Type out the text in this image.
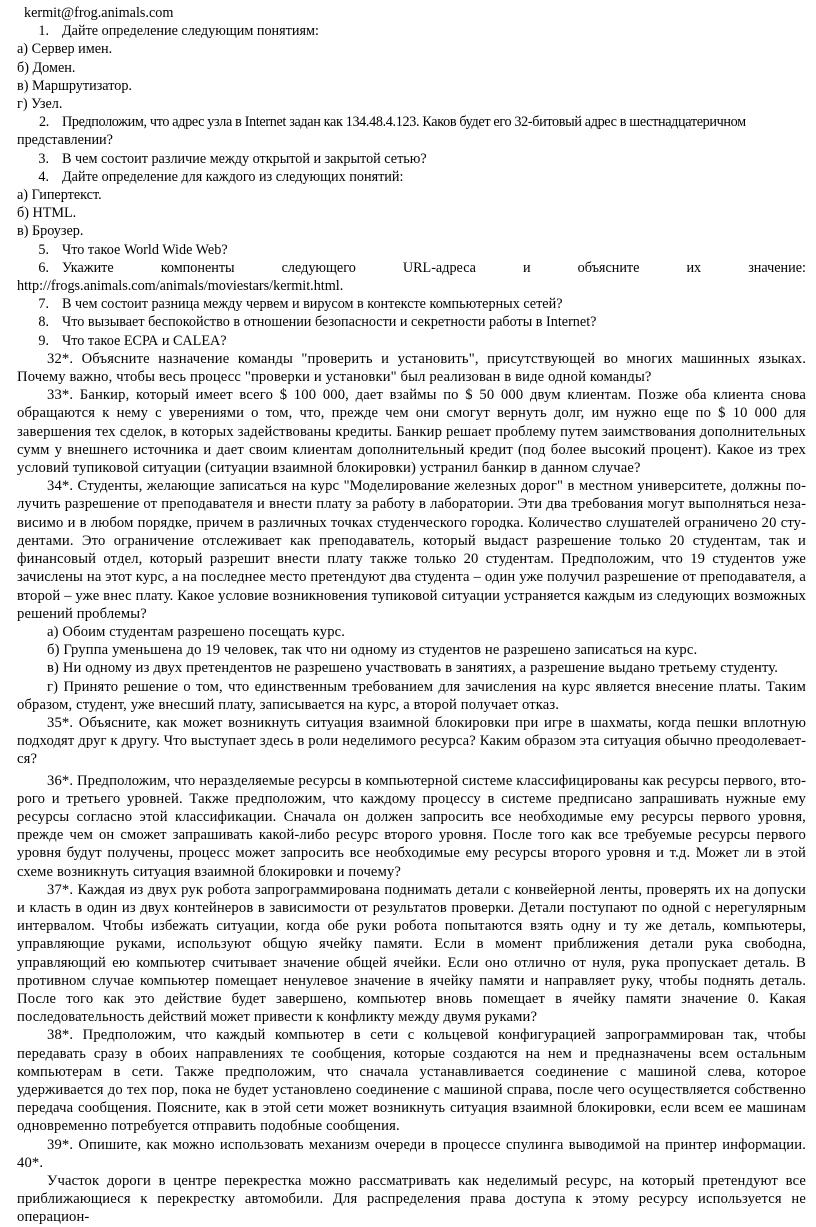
kermit@frog.animals.com
1. Дайте определение следующим понятиям:
а) Сервер имен.
б) Домен.
в) Маршрутизатор.
г) Узел.
2. Предположим, что адрес узла в Internet задан как 134.48.4.123. Каков будет его 32-битовый адрес в шестнадцатеричном
представлении?
3. В чем состоит различие между открытой и закрытой сетью?
4. Дайте определение для каждого из следующих понятий:
а) Гипертекст.
б) HTML.
в) Броузер.
5. Что такое World Wide Web?
6. Укажите	компоненты	следующего	URL-адреса	и	объясните	их	значение:
http://frogs.animals.com/animals/moviestars/kermit.html.
7. В чем состоит разница между червем и вирусом в контексте компьютерных сетей?
8. Что вызывает беспокойство в отношении безопасности и секретности работы в Internet?
9. Что такое ЕСРА и CALEA?
32*. Объясните назначение команды "проверить и установить", присутствующей во многих машинных языках. Почему важно, чтобы весь процесс "проверки и установки" был реализован в виде одной команды?
33*. Банкир, который имеет всего $ 100 000, дает взаймы по $ 50 000 двум клиентам. Позже оба клиента снова обращаются к нему с уверениями о том, что, прежде чем они смогут вернуть долг, им нужно еще по $ 10 000 для завершения тех сделок, в которых задействованы кредиты. Банкир решает проблему путем заимствования дополнительных сумм у внешнего источника и дает своим клиентам дополнительный кредит (под более высокий процент). Какое из трех условий тупиковой ситуации (ситуации взаимной блокировки) устранил банкир в данном случае?
34*. Студенты, желающие записаться на курс "Моделирование железных дорог" в местном университете, должны получить разрешение от преподавателя и внести плату за работу в лаборатории. Эти два требования могут выполняться независимо и в любом порядке, причем в различных точках студенческого городка. Количество слушателей ограничено 20 студентами. Это ограничение отслеживает как преподаватель, который выдаст разрешение только 20 студентам, так и финансовый отдел, который разрешит внести плату также только 20 студентам. Предположим, что 19 студентов уже зачислены на этот курс, а на последнее место претендуют два студента – один уже получил разрешение от преподавателя, а второй – уже внес плату. Какое условие возникновения тупиковой ситуации устраняется каждым из следующих возможных решений проблемы?
а) Обоим студентам разрешено посещать курс.
б) Группа уменьшена до 19 человек, так что ни одному из студентов не разрешено записаться на курс.
в) Ни одному из двух претендентов не разрешено участвовать в занятиях, а разрешение выдано третьему студенту.
г) Принято решение о том, что единственным требованием для зачисления на курс является внесение платы. Таким образом, студент, уже внесший плату, записывается на курс, а второй получает отказ.
35*. Объясните, как может возникнуть ситуация взаимной блокировки при игре в шахматы, когда пешки вплотную подходят друг к другу. Что выступает здесь в роли неделимого ресурса? Каким образом эта ситуация обычно преодолевается?
36*. Предположим, что неразделяемые ресурсы в компьютерной системе классифицированы как ресурсы первого, второго и третьего уровней. Также предположим, что каждому процессу в системе предписано запрашивать нужные ему ресурсы согласно этой классификации. Сначала он должен запросить все необходимые ему ресурсы первого уровня, прежде чем он сможет запрашивать какой-либо ресурс второго уровня. После того как все требуемые ресурсы первого уровня будут получены, процесс может запросить все необходимые ему ресурсы второго уровня и т.д. Может ли в этой схеме возникнуть ситуация взаимной блокировки и почему?
37*. Каждая из двух рук робота запрограммирована поднимать детали с конвейерной ленты, проверять их на допуски и класть в один из двух контейнеров в зависимости от результатов проверки. Детали поступают по одной с нерегулярным интервалом. Чтобы избежать ситуации, когда обе руки робота попытаются взять одну и ту же деталь, компьютеры, управляющие руками, используют общую ячейку памяти. Если в момент приближения детали рука свободна, управляющий ею компьютер считывает значение общей ячейки. Если оно отлично от нуля, рука пропускает деталь. В противном случае компьютер помещает ненулевое значение в ячейку памяти и направляет руку, чтобы поднять деталь. После того как это действие будет завершено, компьютер вновь помещает в ячейку памяти значение 0. Какая последовательность действий может привести к конфликту между двумя руками?
38*. Предположим, что каждый компьютер в сети с кольцевой конфигурацией запрограммирован так, чтобы передавать сразу в обоих направлениях те сообщения, которые создаются на нем и предназначены всем остальным компьютерам в сети. Также предположим, что сначала устанавливается соединение с машиной слева, которое удерживается до тех пор, пока не будет установлено соединение с машиной справа, после чего осуществляется собственно передача сообщения. Поясните, как в этой сети может возникнуть ситуация взаимной блокировки, если всем ее машинам одновременно потребуется отправить подобные сообщения.
39*. Опишите, как можно использовать механизм очереди в процессе спулинга выводимой на принтер информации. 40*.
Участок дороги в центре перекрестка можно рассматривать как неделимый ресурс, на который претендуют все приближающиеся к перекрестку автомобили. Для распределения права доступа к этому ресурсу используется не операцион-
